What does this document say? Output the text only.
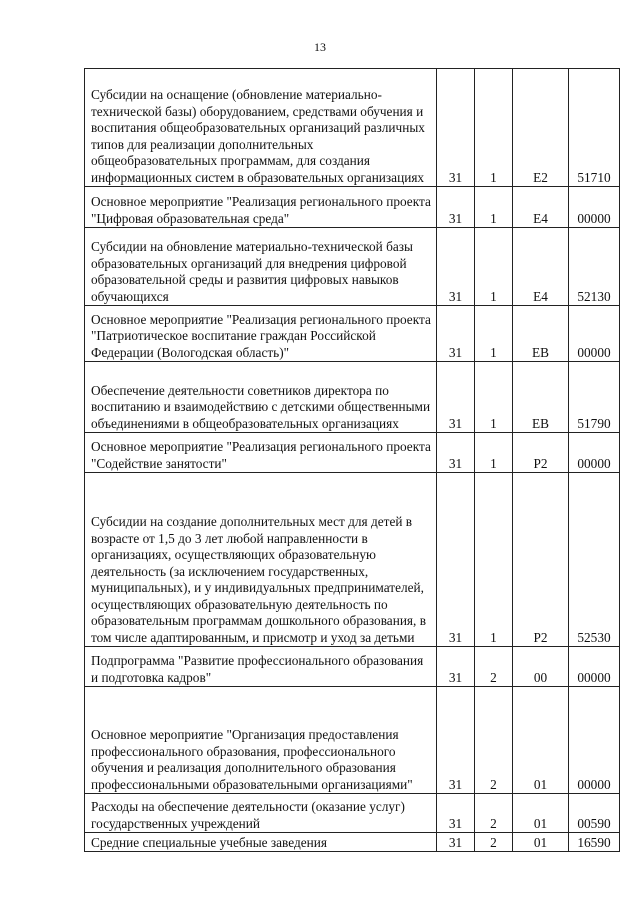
13
Субсидии на оснащение (обновление материально-технической базы) оборудованием, средствами обучения и воспитания общеобразовательных организаций различных типов для реализации дополнительных общеобразовательных программам, для создания информационных систем в образовательных организациях	31	1	E2	51710
Основное мероприятие "Реализация регионального проекта "Цифровая образовательная среда"	31	1	E4	00000
Субсидии на обновление материально-технической базы образовательных организаций для внедрения цифровой образовательной среды и развития цифровых навыков обучающихся	31	1	E4	52130
Основное мероприятие "Реализация регионального проекта "Патриотическое воспитание граждан Российской Федерации (Вологодская область)"	31	1	EB	00000
Обеспечение деятельности советников директора по воспитанию и взаимодействию с детскими общественными объединениями в общеобразовательных организациях	31	1	EB	51790
Основное мероприятие "Реализация регионального проекта "Содействие занятости"	31	1	P2	00000
Субсидии на создание дополнительных мест для детей в возрасте от 1,5 до 3 лет любой направленности в организациях, осуществляющих образовательную деятельность (за исключением государственных, муниципальных), и у индивидуальных предпринимателей, осуществляющих образовательную деятельность по образовательным программам дошкольного образования, в том числе адаптированным, и присмотр и уход за детьми	31	1	P2	52530
Подпрограмма "Развитие профессионального образования и подготовка кадров"	31	2	00	00000
Основное мероприятие "Организация предоставления профессионального образования, профессионального обучения и реализация дополнительного образования профессиональными образовательными организациями"	31	2	01	00000
Расходы на обеспечение деятельности (оказание услуг) государственных учреждений	31	2	01	00590
Средние специальные учебные заведения	31	2	01	16590
